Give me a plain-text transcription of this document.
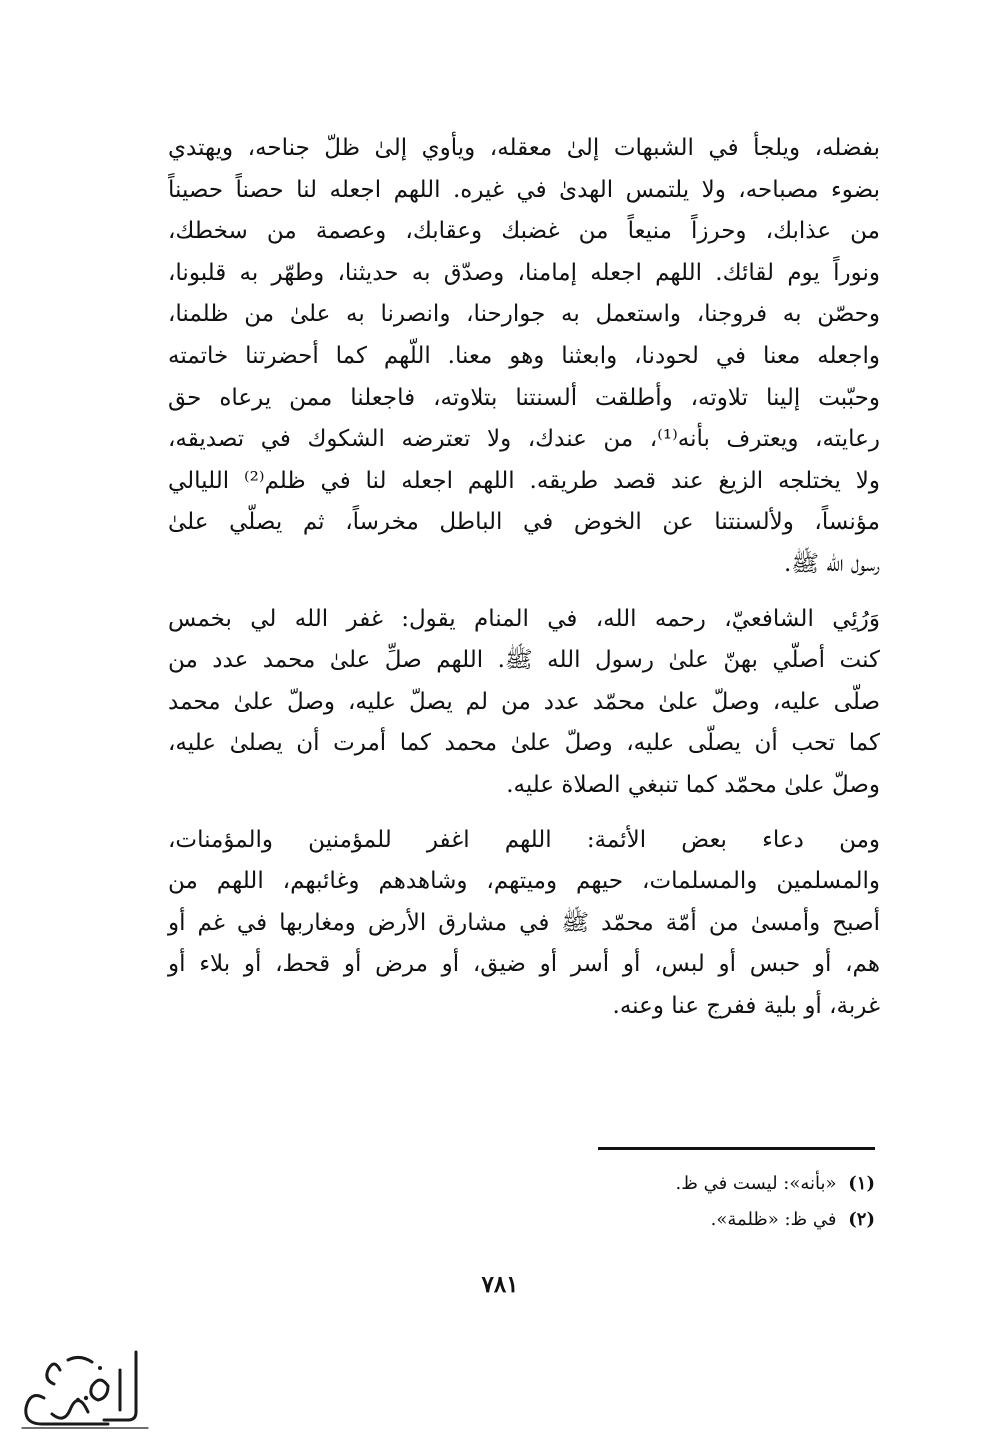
بفضله، ويلجأ في الشبهات إلىٰ معقله، ويأوي إلىٰ ظلّ جناحه، ويهتدي
بضوء مصباحه، ولا يلتمس الهدىٰ في غيره. اللهم اجعله لنا حصناً حصيناً
من عذابك، وحرزاً منيعاً من غضبك وعقابك، وعصمة من سخطك،
ونوراً يوم لقائك. اللهم اجعله إمامنا، وصدّق به حديثنا، وطهّر به قلبونا،
وحصّن به فروجنا، واستعمل به جوارحنا، وانصرنا به علىٰ من ظلمنا،
واجعله معنا في لحودنا، وابعثنا وهو معنا. اللّهم كما أحضرتنا خاتمته
وحبّبت إلينا تلاوته، وأطلقت ألسنتنا بتلاوته، فاجعلنا ممن يرعاه حق
رعايته، ويعترف بأنه⁽¹⁾، من عندك، ولا تعترضه الشكوك في تصديقه،
ولا يختلجه الزيغ عند قصد طريقه. اللهم اجعله لنا في ظلم⁽²⁾ الليالي
مؤنساً، ولألسنتنا عن الخوض في الباطل مخرساً، ثم يصلّي علىٰ
رسول الله ﷺ.

وَرُئِي الشافعيّ، رحمه الله، في المنام يقول: غفر الله لي بخمس
كنت أصلّي بهنّ علىٰ رسول الله ﷺ. اللهم صلِّ علىٰ محمد عدد من
صلّى عليه، وصلّ علىٰ محمّد عدد من لم يصلّ عليه، وصلّ علىٰ محمد
كما تحب أن يصلّى عليه، وصلّ علىٰ محمد كما أمرت أن يصلىٰ عليه،
وصلّ علىٰ محمّد كما تنبغي الصلاة عليه.

ومن دعاء بعض الأئمة: اللهم اغفر للمؤمنين والمؤمنات،
والمسلمين والمسلمات، حيهم وميتهم، وشاهدهم وغائبهم، اللهم من
أصبح وأمسىٰ من أمّة محمّد ﷺ في مشارق الأرض ومغاربها في غم أو
هم، أو حبس أو لبس، أو أسر أو ضيق، أو مرض أو قحط، أو بلاء أو
غربة، أو بلية ففرج عنا وعنه.

(١) «بأنه»: ليست في ظ.
(٢) في ظ: «ظلمة».
٧٨١
